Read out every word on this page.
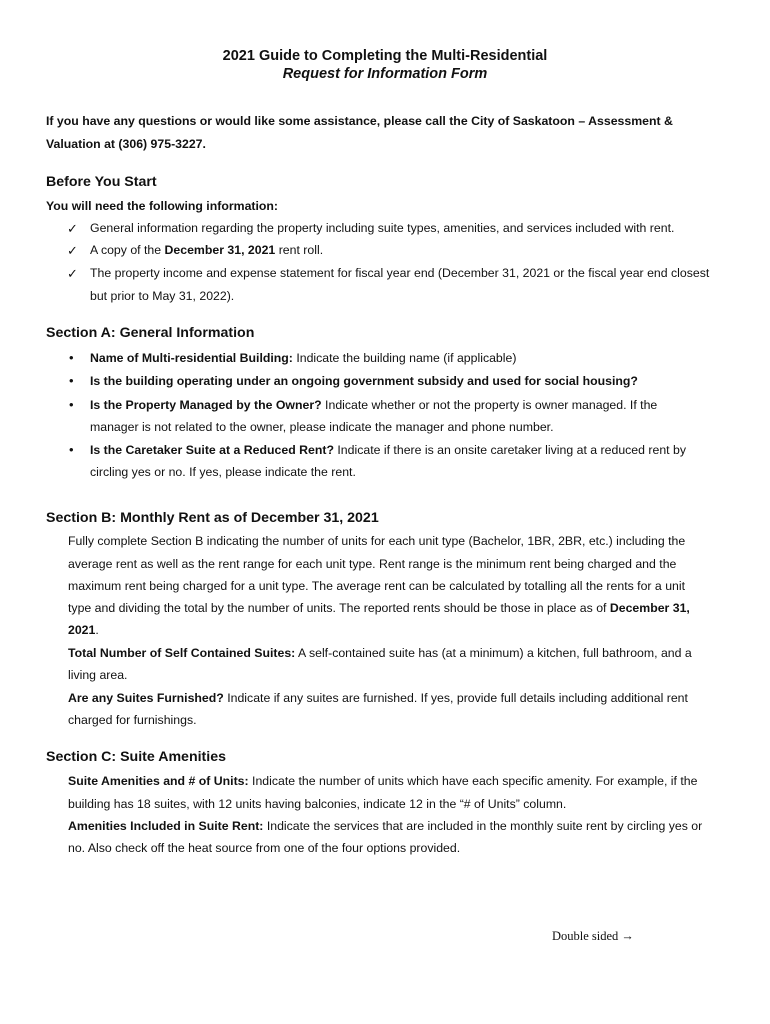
2021 Guide to Completing the Multi-Residential
Request for Information Form
If you have any questions or would like some assistance, please call the City of Saskatoon – Assessment &
Valuation at (306) 975-3227.
Before You Start
You will need the following information:
✓ General information regarding the property including suite types, amenities, and services included with rent.
✓ A copy of the December 31, 2021 rent roll.
✓ The property income and expense statement for fiscal year end (December 31, 2021 or the fiscal year end closest
but prior to May 31, 2022).
Section A: General Information
• Name of Multi-residential Building: Indicate the building name (if applicable)
• Is the building operating under an ongoing government subsidy and used for social housing?
• Is the Property Managed by the Owner? Indicate whether or not the property is owner managed. If the
manager is not related to the owner, please indicate the manager and phone number.
• Is the Caretaker Suite at a Reduced Rent? Indicate if there is an onsite caretaker living at a reduced rent by
circling yes or no. If yes, please indicate the rent.
Section B: Monthly Rent as of December 31, 2021
Fully complete Section B indicating the number of units for each unit type (Bachelor, 1BR, 2BR, etc.) including the
average rent as well as the rent range for each unit type. Rent range is the minimum rent being charged and the
maximum rent being charged for a unit type. The average rent can be calculated by totalling all the rents for a unit
type and dividing the total by the number of units. The reported rents should be those in place as of December 31,
2021.
Total Number of Self Contained Suites: A self-contained suite has (at a minimum) a kitchen, full bathroom, and a
living area.
Are any Suites Furnished? Indicate if any suites are furnished. If yes, provide full details including additional rent
charged for furnishings.
Section C: Suite Amenities
Suite Amenities and # of Units: Indicate the number of units which have each specific amenity. For example, if the
building has 18 suites, with 12 units having balconies, indicate 12 in the “# of Units” column.
Amenities Included in Suite Rent: Indicate the services that are included in the monthly suite rent by circling yes or
no. Also check off the heat source from one of the four options provided.
Double sided →
